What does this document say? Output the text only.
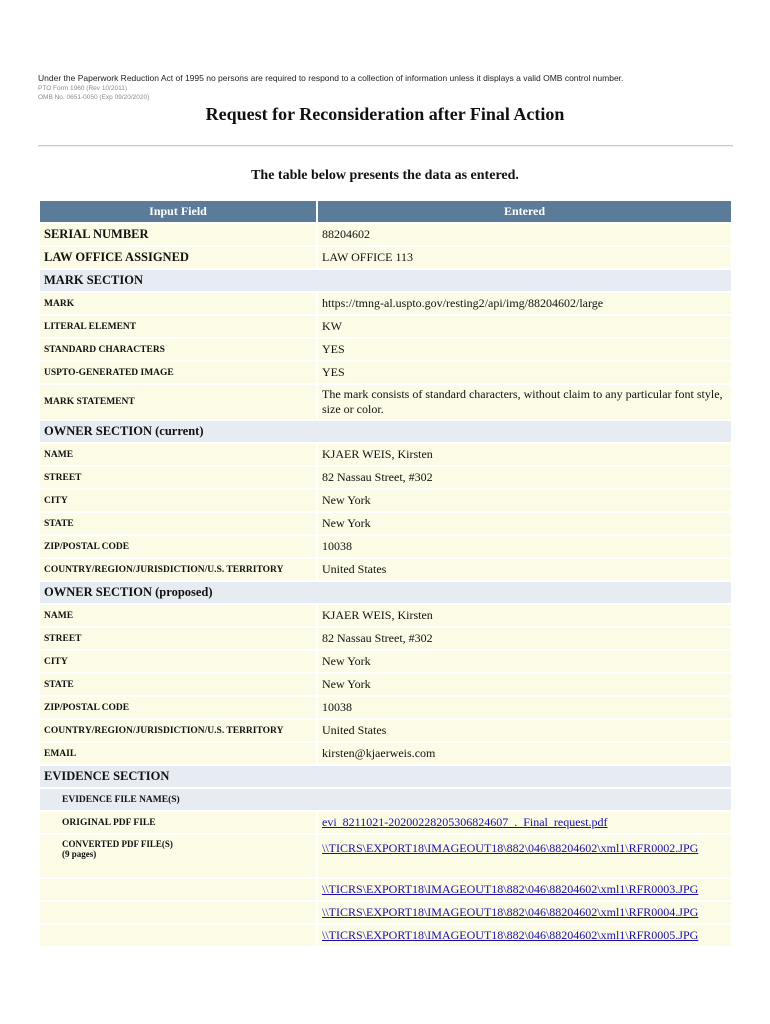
Under the Paperwork Reduction Act of 1995 no persons are required to respond to a collection of information unless it displays a valid OMB control number.
PTO Form 1960 (Rev 10/2011)
OMB No. 0651-0050 (Exp 09/20/2020)
Request for Reconsideration after Final Action
The table below presents the data as entered.
Input Field	Entered
SERIAL NUMBER	88204602
LAW OFFICE ASSIGNED	LAW OFFICE 113
MARK SECTION	
MARK	https://tmng-al.uspto.gov/resting2/api/img/88204602/large
LITERAL ELEMENT	KW
STANDARD CHARACTERS	YES
USPTO-GENERATED IMAGE	YES
MARK STATEMENT	The mark consists of standard characters, without claim to any particular font style, size or color.
OWNER SECTION (current)	
NAME	KJAER WEIS, Kirsten
STREET	82 Nassau Street, #302
CITY	New York
STATE	New York
ZIP/POSTAL CODE	10038
COUNTRY/REGION/JURISDICTION/U.S. TERRITORY	United States
OWNER SECTION (proposed)	
NAME	KJAER WEIS, Kirsten
STREET	82 Nassau Street, #302
CITY	New York
STATE	New York
ZIP/POSTAL CODE	10038
COUNTRY/REGION/JURISDICTION/U.S. TERRITORY	United States
EMAIL	kirsten@kjaerweis.com
EVIDENCE SECTION	
EVIDENCE FILE NAME(S)	
ORIGINAL PDF FILE	evi_8211021-20200228205306824607_._Final_request.pdf

CONVERTED PDF FILE(S)
(9 pages)	\\TICRS\EXPORT18\IMAGEOUT18\882\046\88204602\xml1\RFR0002.JPG
	\\TICRS\EXPORT18\IMAGEOUT18\882\046\88204602\xml1\RFR0003.JPG
	\\TICRS\EXPORT18\IMAGEOUT18\882\046\88204602\xml1\RFR0004.JPG
	\\TICRS\EXPORT18\IMAGEOUT18\882\046\88204602\xml1\RFR0005.JPG
